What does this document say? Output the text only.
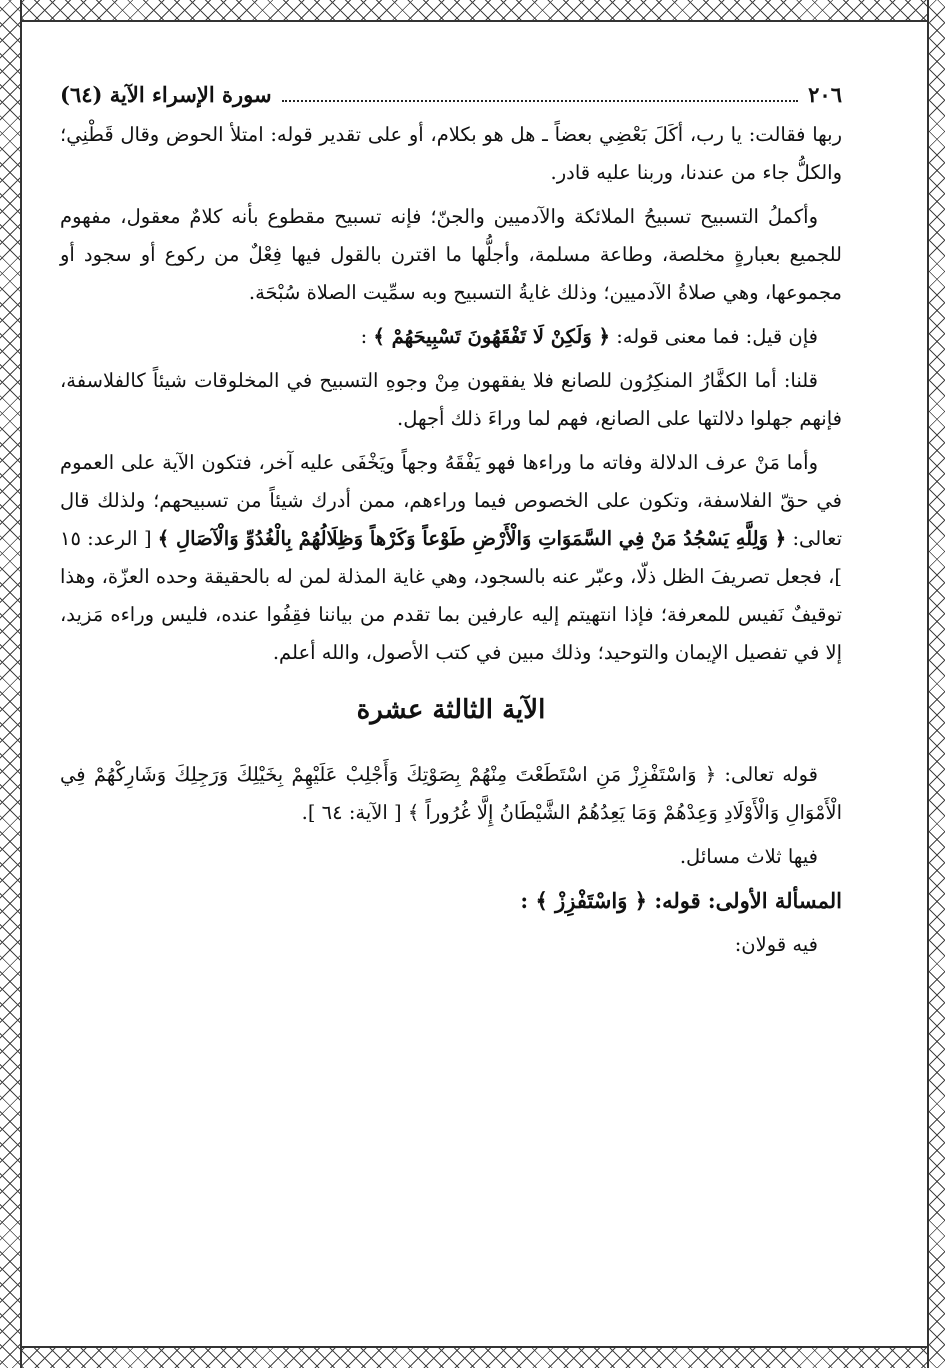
٢٠٦
سورة الإسراء الآية (٦٤)

ربها فقالت: يا رب، أكَلَ بَعْضِي بعضاً ـ هل هو بكلام، أو على تقدير قوله: امتلأ الحوض وقال قَطْنِي؛ والكلُّ جاء من عندنا، وربنا عليه قادر.

وأكملُ التسبيح تسبيحُ الملائكة والآدميين والجنّ؛ فإنه تسبيح مقطوع بأنه كلامٌ معقول، مفهوم للجميع بعبارةٍ مخلصة، وطاعة مسلمة، وأجلُّها ما اقترن بالقول فيها فِعْلٌ من ركوع أو سجود أو مجموعها، وهي صلاةُ الآدميين؛ وذلك غايةُ التسبيح وبه سمِّيت الصلاة سُبْحَة.

فإن قيل: فما معنى قوله: ﴿ وَلَكِنْ لَا تَفْقَهُونَ تَسْبِيحَهُمْ ﴾ :

قلنا: أما الكفَّارُ المنكِرُون للصانع فلا يفقهون مِنْ وجوهِ التسبيح في المخلوقات شيئاً كالفلاسفة، فإنهم جهلوا دلالتها على الصانع، فهم لما وراءَ ذلك أجهل.

وأما مَنْ عرف الدلالة وفاته ما وراءها فهو يَفْقَهُ وجهاً ويَخْفَى عليه آخر، فتكون الآية على العموم في حقّ الفلاسفة، وتكون على الخصوص فيما وراءهم، ممن أدرك شيئاً من تسبيحهم؛ ولذلك قال تعالى: ﴿ وَلِلَّهِ يَسْجُدُ مَنْ فِي السَّمَوَاتِ وَالْأَرْضِ طَوْعاً وَكَرْهاً وَظِلَالُهُمْ بِالْغُدُوِّ وَالْآصَالِ ﴾ [ الرعد: ١٥ ]، فجعل تصريفَ الظل ذلّا، وعبّر عنه بالسجود، وهي غاية المذلة لمن له بالحقيقة وحده العزّة، وهذا توقيفٌ نَفيس للمعرفة؛ فإذا انتهيتم إليه عارفين بما تقدم من بياننا فقِفُوا عنده، فليس وراءه مَزيد، إلا في تفصيل الإيمان والتوحيد؛ وذلك مبين في كتب الأصول، والله أعلم.

الآية الثالثة عشرة

قوله تعالى: ﴿ وَاسْتَفْزِزْ مَنِ اسْتَطَعْتَ مِنْهُمْ بِصَوْتِكَ وَأَجْلِبْ عَلَيْهِمْ بِخَيْلِكَ وَرَجِلِكَ وَشَارِكْهُمْ فِي الْأَمْوَالِ وَالْأَوْلَادِ وَعِدْهُمْ وَمَا يَعِدُهُمُ الشَّيْطَانُ إِلَّا غُرُوراً ﴾ [ الآية: ٦٤ ].

فيها ثلاث مسائل.

المسألة الأولى: قوله: ﴿ وَاسْتَفْزِزْ ﴾ :

فيه قولان:
